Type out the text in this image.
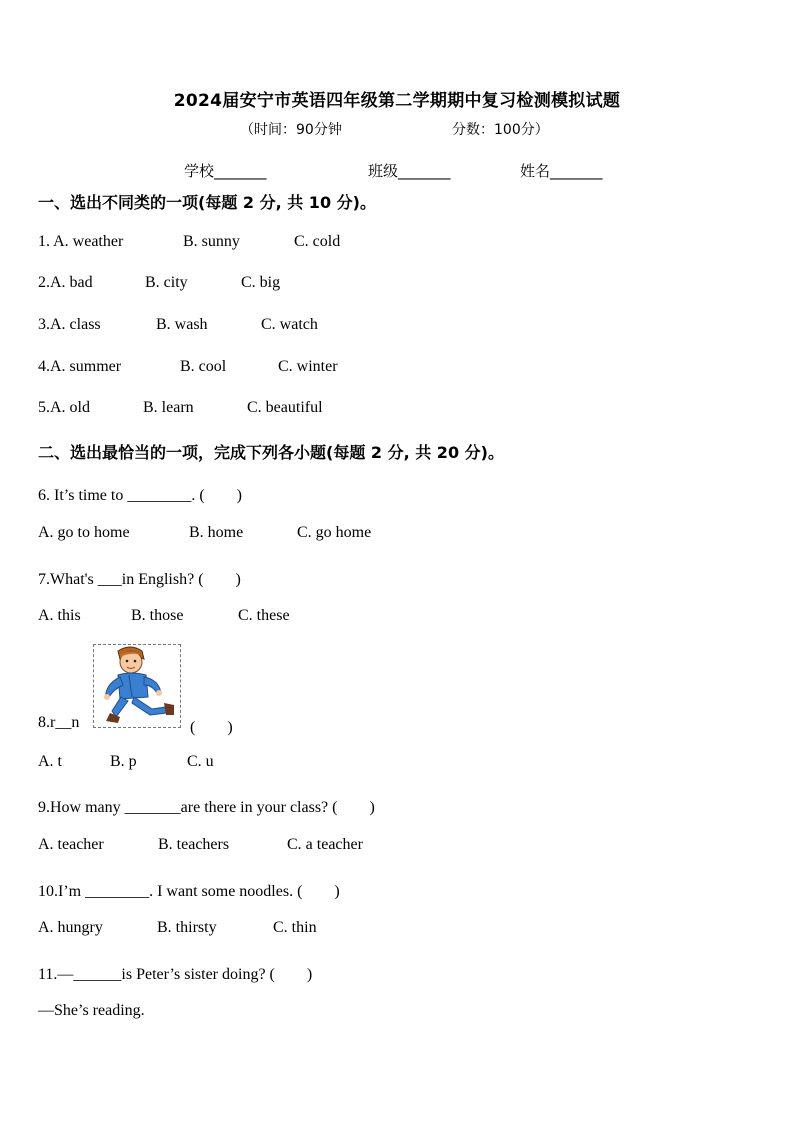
2024届安宁市英语四年级第二学期期中复习检测模拟试题
（时间：90分钟	分数：100分）
学校_______	班级_______	姓名_______
一、选出不同类的一项(每题 2 分, 共 10 分)。
1. A. weather	B. sunny	C. cold
2.A. bad	B. city	C. big
3.A. class	B. wash	C. watch
4.A. summer	B. cool	C. winter
5.A. old	B. learn	C. beautiful
二、选出最恰当的一项，完成下列各小题(每题 2 分, 共 20 分)。
6. It’s time to ________. (　　)
A. go to home	B. home	C. go home
7.What's ___in English? (　　)
A. this	B. those	C. these
8.r__n	(　　)
A. t	B. p	C. u
9.How many _______are there in your class? (　　)
A. teacher	B. teachers	C. a teacher
10.I’m ________. I want some noodles. (　　)
A. hungry	B. thirsty	C. thin
11.—______is Peter’s sister doing? (　　)
—She’s reading.
